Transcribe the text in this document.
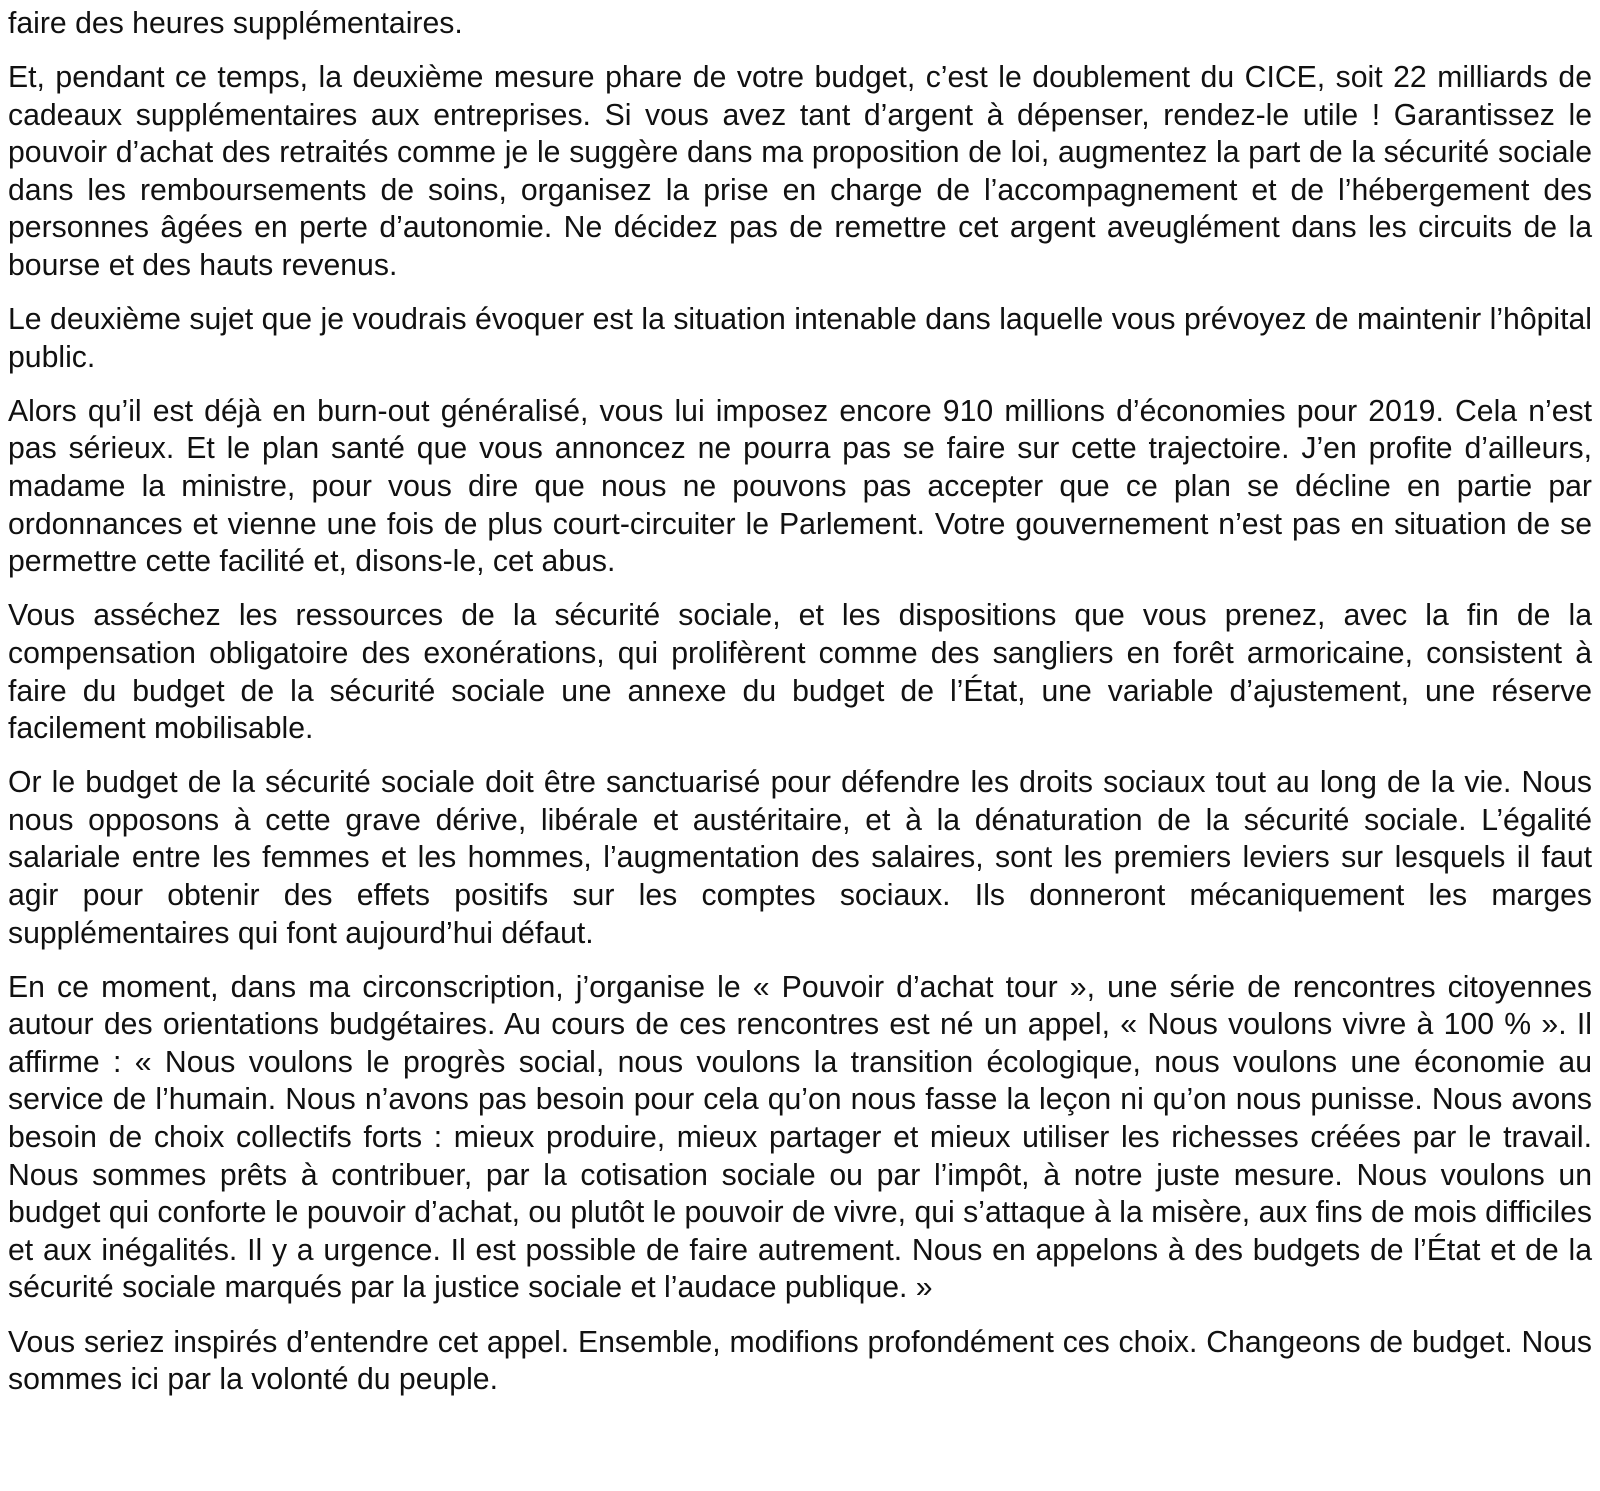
faire des heures supplémentaires.

Et, pendant ce temps, la deuxième mesure phare de votre budget, c’est le doublement du CICE, soit 22 milliards de cadeaux supplémentaires aux entreprises. Si vous avez tant d’argent à dépenser, rendez-le utile ! Garantissez le pouvoir d’achat des retraités comme je le suggère dans ma proposition de loi, augmentez la part de la sécurité sociale dans les remboursements de soins, organisez la prise en charge de l’accompagnement et de l’hébergement des personnes âgées en perte d’autonomie. Ne décidez pas de remettre cet argent aveuglément dans les circuits de la bourse et des hauts revenus.

Le deuxième sujet que je voudrais évoquer est la situation intenable dans laquelle vous prévoyez de maintenir l’hôpital public.

Alors qu’il est déjà en burn-out généralisé, vous lui imposez encore 910 millions d’économies pour 2019. Cela n’est pas sérieux. Et le plan santé que vous annoncez ne pourra pas se faire sur cette trajectoire. J’en profite d’ailleurs, madame la ministre, pour vous dire que nous ne pouvons pas accepter que ce plan se décline en partie par ordonnances et vienne une fois de plus court-circuiter le Parlement. Votre gouvernement n’est pas en situation de se permettre cette facilité et, disons-le, cet abus.

Vous asséchez les ressources de la sécurité sociale, et les dispositions que vous prenez, avec la fin de la compensation obligatoire des exonérations, qui prolifèrent comme des sangliers en forêt armoricaine, consistent à faire du budget de la sécurité sociale une annexe du budget de l’État, une variable d’ajustement, une réserve facilement mobilisable.

Or le budget de la sécurité sociale doit être sanctuarisé pour défendre les droits sociaux tout au long de la vie. Nous nous opposons à cette grave dérive, libérale et austéritaire, et à la dénaturation de la sécurité sociale. L’égalité salariale entre les femmes et les hommes, l’augmentation des salaires, sont les premiers leviers sur lesquels il faut agir pour obtenir des effets positifs sur les comptes sociaux. Ils donneront mécaniquement les marges supplémentaires qui font aujourd’hui défaut.

En ce moment, dans ma circonscription, j’organise le « Pouvoir d’achat tour », une série de rencontres citoyennes autour des orientations budgétaires. Au cours de ces rencontres est né un appel, « Nous voulons vivre à 100 % ». Il affirme : « Nous voulons le progrès social, nous voulons la transition écologique, nous voulons une économie au service de l’humain. Nous n’avons pas besoin pour cela qu’on nous fasse la leçon ni qu’on nous punisse. Nous avons besoin de choix collectifs forts : mieux produire, mieux partager et mieux utiliser les richesses créées par le travail. Nous sommes prêts à contribuer, par la cotisation sociale ou par l’impôt, à notre juste mesure. Nous voulons un budget qui conforte le pouvoir d’achat, ou plutôt le pouvoir de vivre, qui s’attaque à la misère, aux fins de mois difficiles et aux inégalités. Il y a urgence. Il est possible de faire autrement. Nous en appelons à des budgets de l’État et de la sécurité sociale marqués par la justice sociale et l’audace publique. »

Vous seriez inspirés d’entendre cet appel. Ensemble, modifions profondément ces choix. Changeons de budget. Nous sommes ici par la volonté du peuple.
